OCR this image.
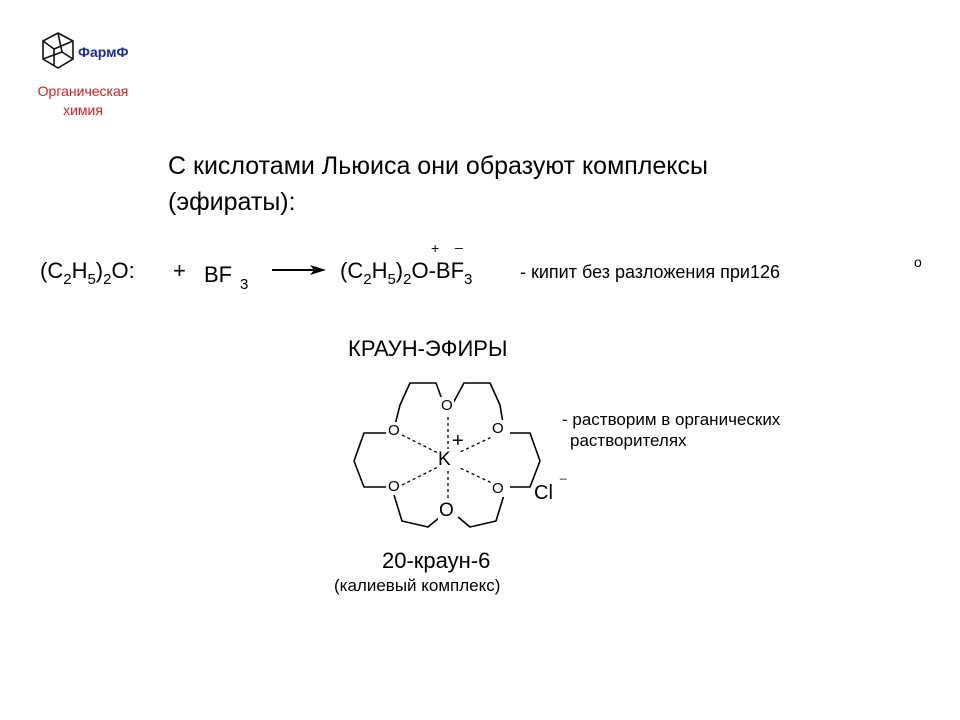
ФармФ
Органическая
химия
С кислотами Льюиса они образуют комплексы
(эфираты):
$(C_2H_5)_2O$: + BF 3
→ $(C_2H_5)_2O-BF_3$
+ _
- кипит без разложения при126	o
КРАУН-ЭФИРЫ
O
O	O
O	O
O
K
+
Cl
_
- растворим в органических
растворителях
20-краун-6
(калиевый комплекс)
